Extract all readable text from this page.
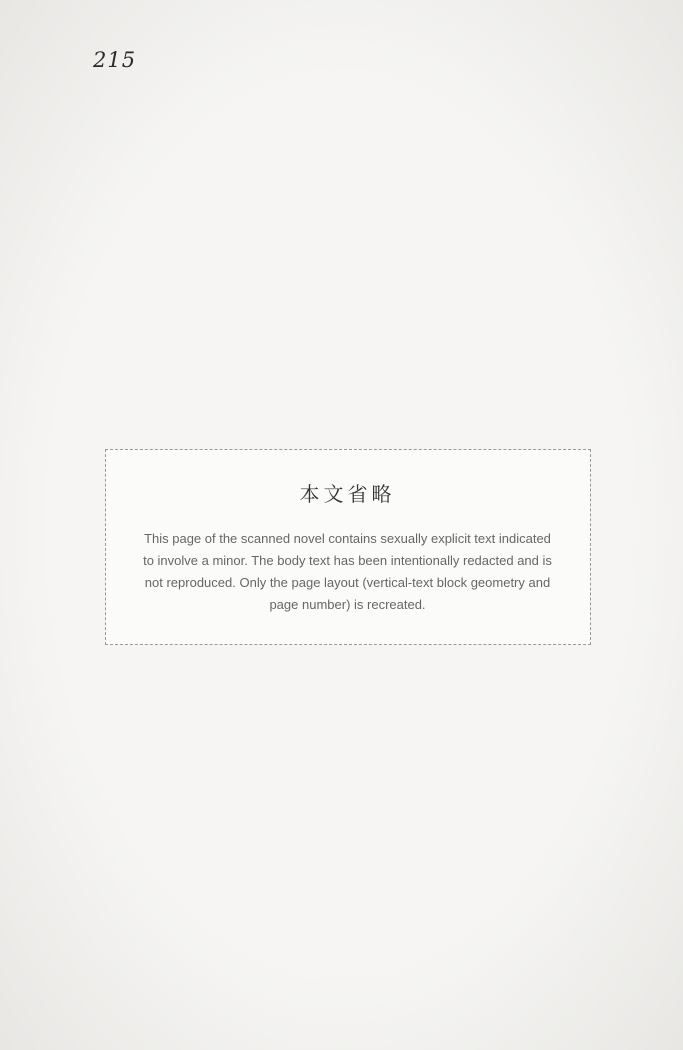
215
本文省略
This page of the scanned novel contains sexually explicit text indicated to involve a minor. The body text has been intentionally redacted and is not reproduced. Only the page layout (vertical-text block geometry and page number) is recreated.
